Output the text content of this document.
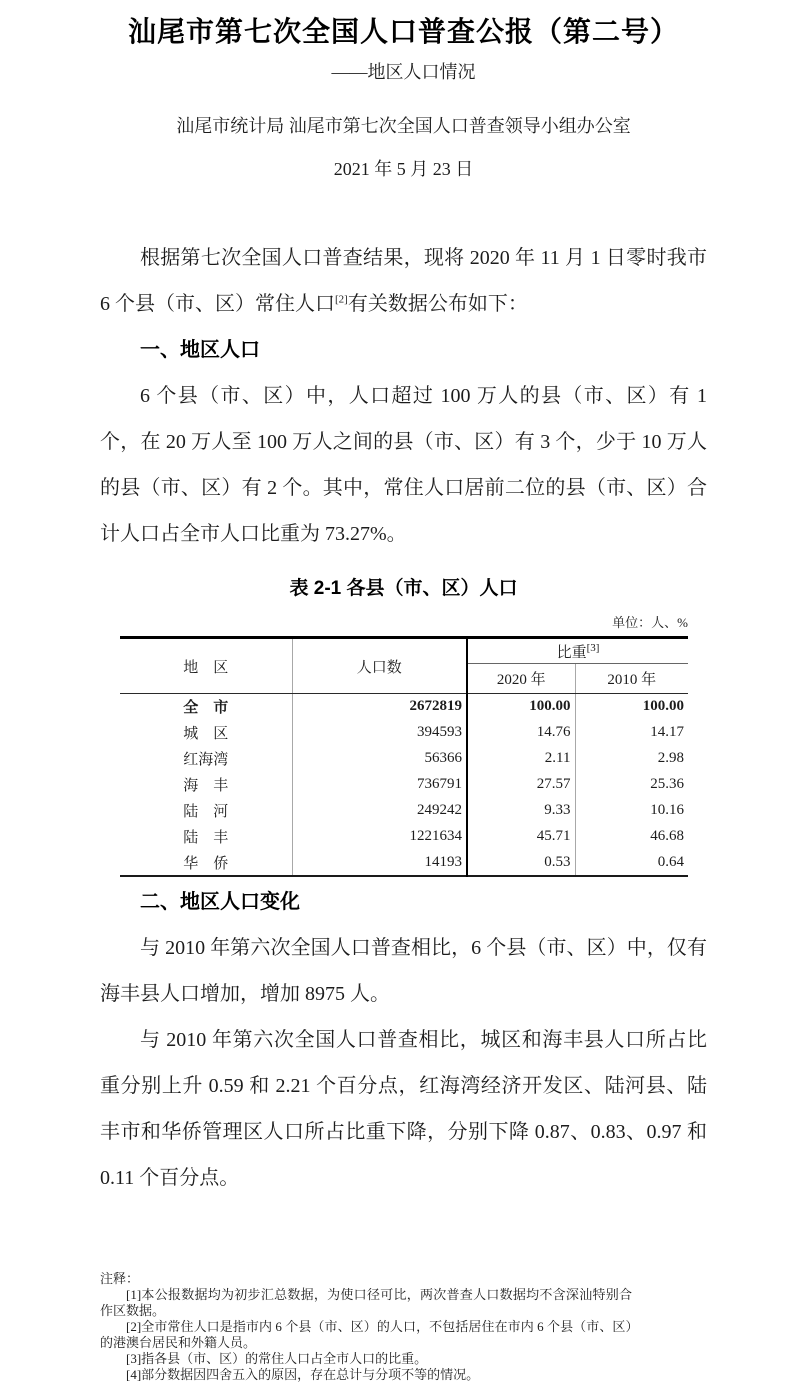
汕尾市第七次全国人口普查公报（第二号）
——地区人口情况
汕尾市统计局 汕尾市第七次全国人口普查领导小组办公室
2021 年 5 月 23 日

根据第七次全国人口普查结果，现将 2020 年 11 月 1 日零时我市 6 个县（市、区）常住人口[2]有关数据公布如下：

一、地区人口

6 个县（市、区）中，人口超过 100 万人的县（市、区）有 1 个，在 20 万人至 100 万人之间的县（市、区）有 3 个，少于 10 万人的县（市、区）有 2 个。其中，常住人口居前二位的县（市、区）合计人口占全市人口比重为 73.27%。

表 2-1 各县（市、区）人口
单位：人、%
地　区	人口数	比重[3]
		2020 年	2010 年
全　市	2672819	100.00	100.00
城　区	394593	14.76	14.17
红海湾	56366	2.11	2.98
海　丰	736791	27.57	25.36
陆　河	249242	9.33	10.16
陆　丰	1221634	45.71	46.68
华　侨	14193	0.53	0.64
二、地区人口变化

与 2010 年第六次全国人口普查相比，6 个县（市、区）中，仅有海丰县人口增加，增加 8975 人。

与 2010 年第六次全国人口普查相比，城区和海丰县人口所占比重分别上升 0.59 和 2.21 个百分点，红海湾经济开发区、陆河县、陆丰市和华侨管理区人口所占比重下降，分别下降 0.87、0.83、0.97 和 0.11 个百分点。

注释：

[1]本公报数据均为初步汇总数据，为使口径可比，两次普查人口数据均不含深汕特别合作区数据。

[2]全市常住人口是指市内 6 个县（市、区）的人口，不包括居住在市内 6 个县（市、区）的港澳台居民和外籍人员。

[3]指各县（市、区）的常住人口占全市人口的比重。

[4]部分数据因四舍五入的原因，存在总计与分项不等的情况。
